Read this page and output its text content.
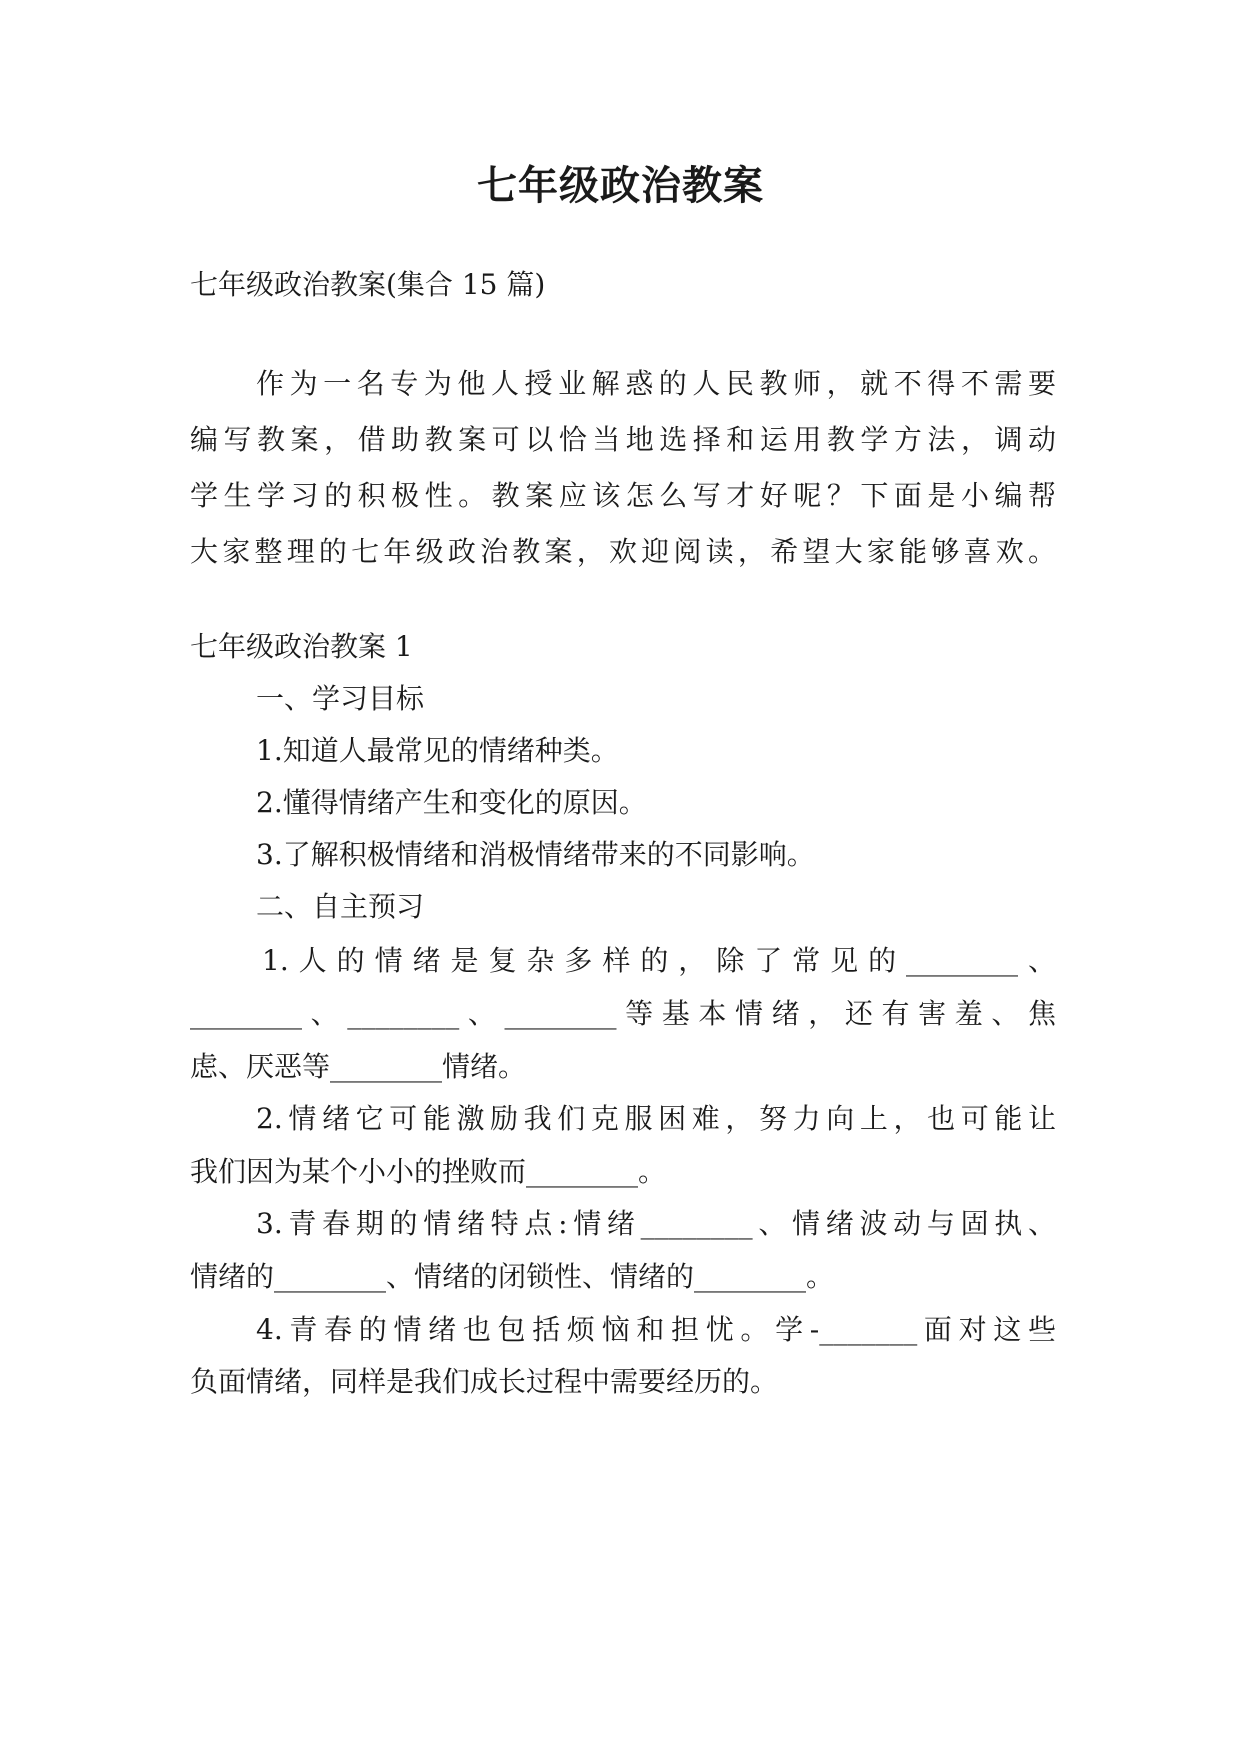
七年级政治教案
七年级政治教案(集合 15 篇)
作为一名专为他人授业解惑的人民教师，就不得不需要
编写教案，借助教案可以恰当地选择和运用教学方法，调动
学生学习的积极性。教案应该怎么写才好呢？下面是小编帮
大家整理的七年级政治教案，欢迎阅读，希望大家能够喜欢。
七年级政治教案 1
一、学习目标
1.知道人最常见的情绪种类。
2.懂得情绪产生和变化的原因。
3.了解积极情绪和消极情绪带来的不同影响。
二、自主预习
1.人的情绪是复杂多样的，除了常见的________、
________、________、________等基本情绪，还有害羞、焦
虑、厌恶等________情绪。
2.情绪它可能激励我们克服困难，努力向上，也可能让
我们因为某个小小的挫败而________。
3.青春期的情绪特点:情绪________、情绪波动与固执、
情绪的________、情绪的闭锁性、情绪的________。
4.青春的情绪也包括烦恼和担忧。学-_______面对这些
负面情绪，同样是我们成长过程中需要经历的。
